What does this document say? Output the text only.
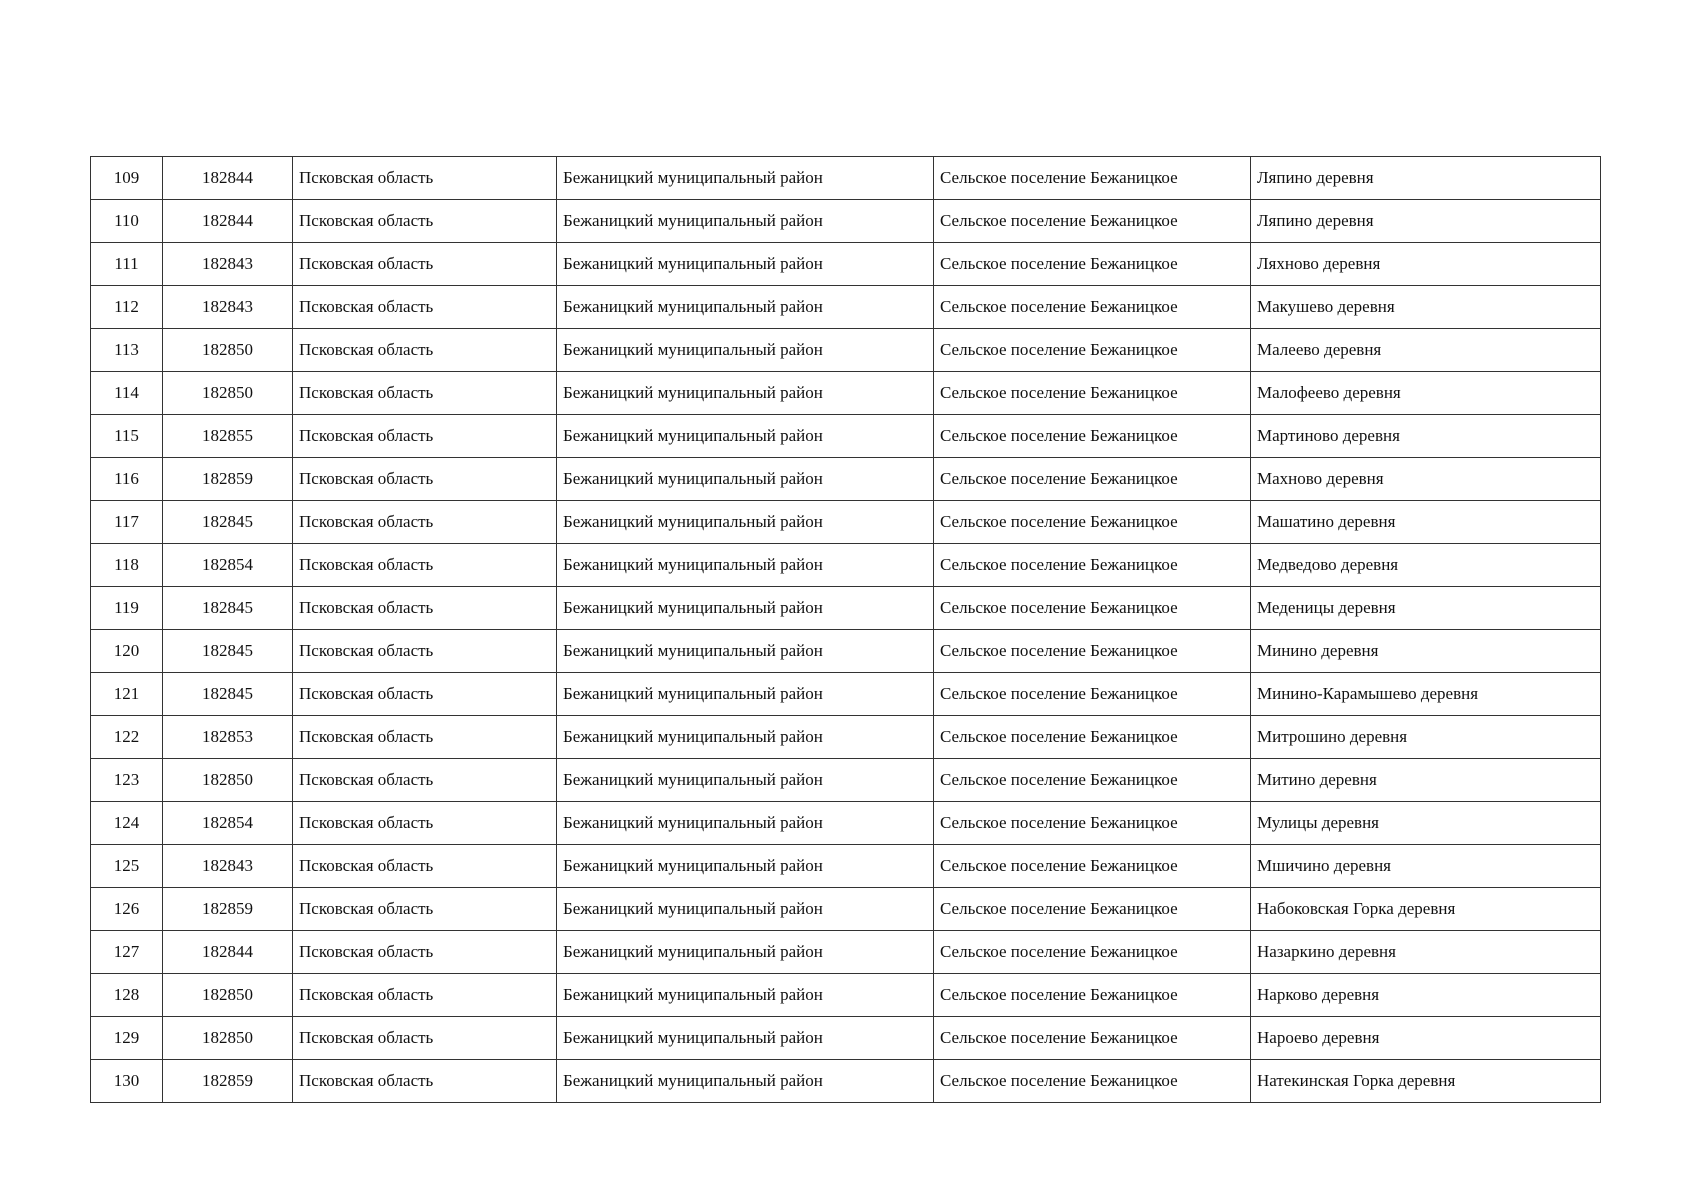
109	182844	Псковская область	Бежаницкий муниципальный район	Сельское поселение Бежаницкое	Ляпино деревня
110	182844	Псковская область	Бежаницкий муниципальный район	Сельское поселение Бежаницкое	Ляпино деревня
111	182843	Псковская область	Бежаницкий муниципальный район	Сельское поселение Бежаницкое	Ляхново деревня
112	182843	Псковская область	Бежаницкий муниципальный район	Сельское поселение Бежаницкое	Макушево деревня
113	182850	Псковская область	Бежаницкий муниципальный район	Сельское поселение Бежаницкое	Малеево деревня
114	182850	Псковская область	Бежаницкий муниципальный район	Сельское поселение Бежаницкое	Малофеево деревня
115	182855	Псковская область	Бежаницкий муниципальный район	Сельское поселение Бежаницкое	Мартиново деревня
116	182859	Псковская область	Бежаницкий муниципальный район	Сельское поселение Бежаницкое	Махново деревня
117	182845	Псковская область	Бежаницкий муниципальный район	Сельское поселение Бежаницкое	Машатино деревня
118	182854	Псковская область	Бежаницкий муниципальный район	Сельское поселение Бежаницкое	Медведово деревня
119	182845	Псковская область	Бежаницкий муниципальный район	Сельское поселение Бежаницкое	Меденицы деревня
120	182845	Псковская область	Бежаницкий муниципальный район	Сельское поселение Бежаницкое	Минино деревня
121	182845	Псковская область	Бежаницкий муниципальный район	Сельское поселение Бежаницкое	Минино-Карамышево деревня
122	182853	Псковская область	Бежаницкий муниципальный район	Сельское поселение Бежаницкое	Митрошино деревня
123	182850	Псковская область	Бежаницкий муниципальный район	Сельское поселение Бежаницкое	Митино деревня
124	182854	Псковская область	Бежаницкий муниципальный район	Сельское поселение Бежаницкое	Мулицы деревня
125	182843	Псковская область	Бежаницкий муниципальный район	Сельское поселение Бежаницкое	Мшичино деревня
126	182859	Псковская область	Бежаницкий муниципальный район	Сельское поселение Бежаницкое	Набоковская Горка деревня
127	182844	Псковская область	Бежаницкий муниципальный район	Сельское поселение Бежаницкое	Назаркино деревня
128	182850	Псковская область	Бежаницкий муниципальный район	Сельское поселение Бежаницкое	Нарково деревня
129	182850	Псковская область	Бежаницкий муниципальный район	Сельское поселение Бежаницкое	Нароево деревня
130	182859	Псковская область	Бежаницкий муниципальный район	Сельское поселение Бежаницкое	Натекинская Горка деревня
